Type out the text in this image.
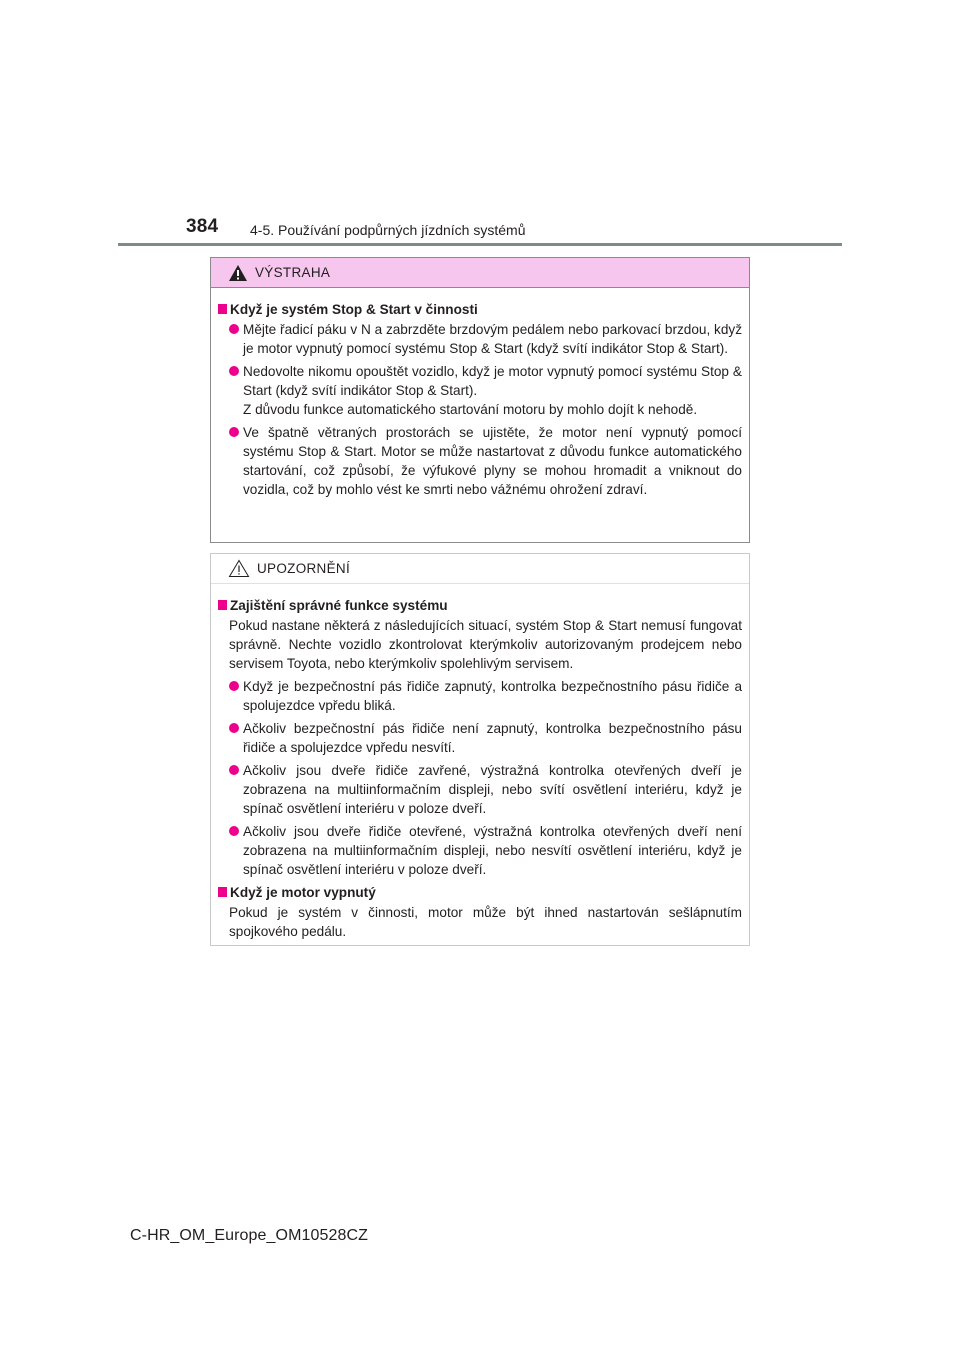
384 4-5. Používání podpůrných jízdních systémů
VÝSTRAHA
Když je systém Stop & Start v činnosti
Mějte řadicí páku v N a zabrzděte brzdovým pedálem nebo parkovací brzdou, když je motor vypnutý pomocí systému Stop & Start (když svítí indikátor Stop & Start).
Nedovolte nikomu opouštět vozidlo, když je motor vypnutý pomocí systému Stop & Start (když svítí indikátor Stop & Start).
Z důvodu funkce automatického startování motoru by mohlo dojít k nehodě.
Ve špatně větraných prostorách se ujistěte, že motor není vypnutý pomocí systému Stop & Start. Motor se může nastartovat z důvodu funkce automatického startování, což způsobí, že výfukové plyny se mohou hromadit a vniknout do vozidla, což by mohlo vést ke smrti nebo vážnému ohrožení zdraví.
UPOZORNĚNÍ
Zajištění správné funkce systému
Pokud nastane některá z následujících situací, systém Stop & Start nemusí fungovat správně. Nechte vozidlo zkontrolovat kterýmkoliv autorizovaným prodejcem nebo servisem Toyota, nebo kterýmkoliv spolehlivým servisem.
Když je bezpečnostní pás řidiče zapnutý, kontrolka bezpečnostního pásu řidiče a spolujezdce vpředu bliká.
Ačkoliv bezpečnostní pás řidiče není zapnutý, kontrolka bezpečnostního pásu řidiče a spolujezdce vpředu nesvítí.
Ačkoliv jsou dveře řidiče zavřené, výstražná kontrolka otevřených dveří je zobrazena na multiinformačním displeji, nebo svítí osvětlení interiéru, když je spínač osvětlení interiéru v poloze dveří.
Ačkoliv jsou dveře řidiče otevřené, výstražná kontrolka otevřených dveří není zobrazena na multiinformačním displeji, nebo nesvítí osvětlení interiéru, když je spínač osvětlení interiéru v poloze dveří.
Když je motor vypnutý
Pokud je systém v činnosti, motor může být ihned nastartován sešlápnutím spojkového pedálu.
C-HR_OM_Europe_OM10528CZ
